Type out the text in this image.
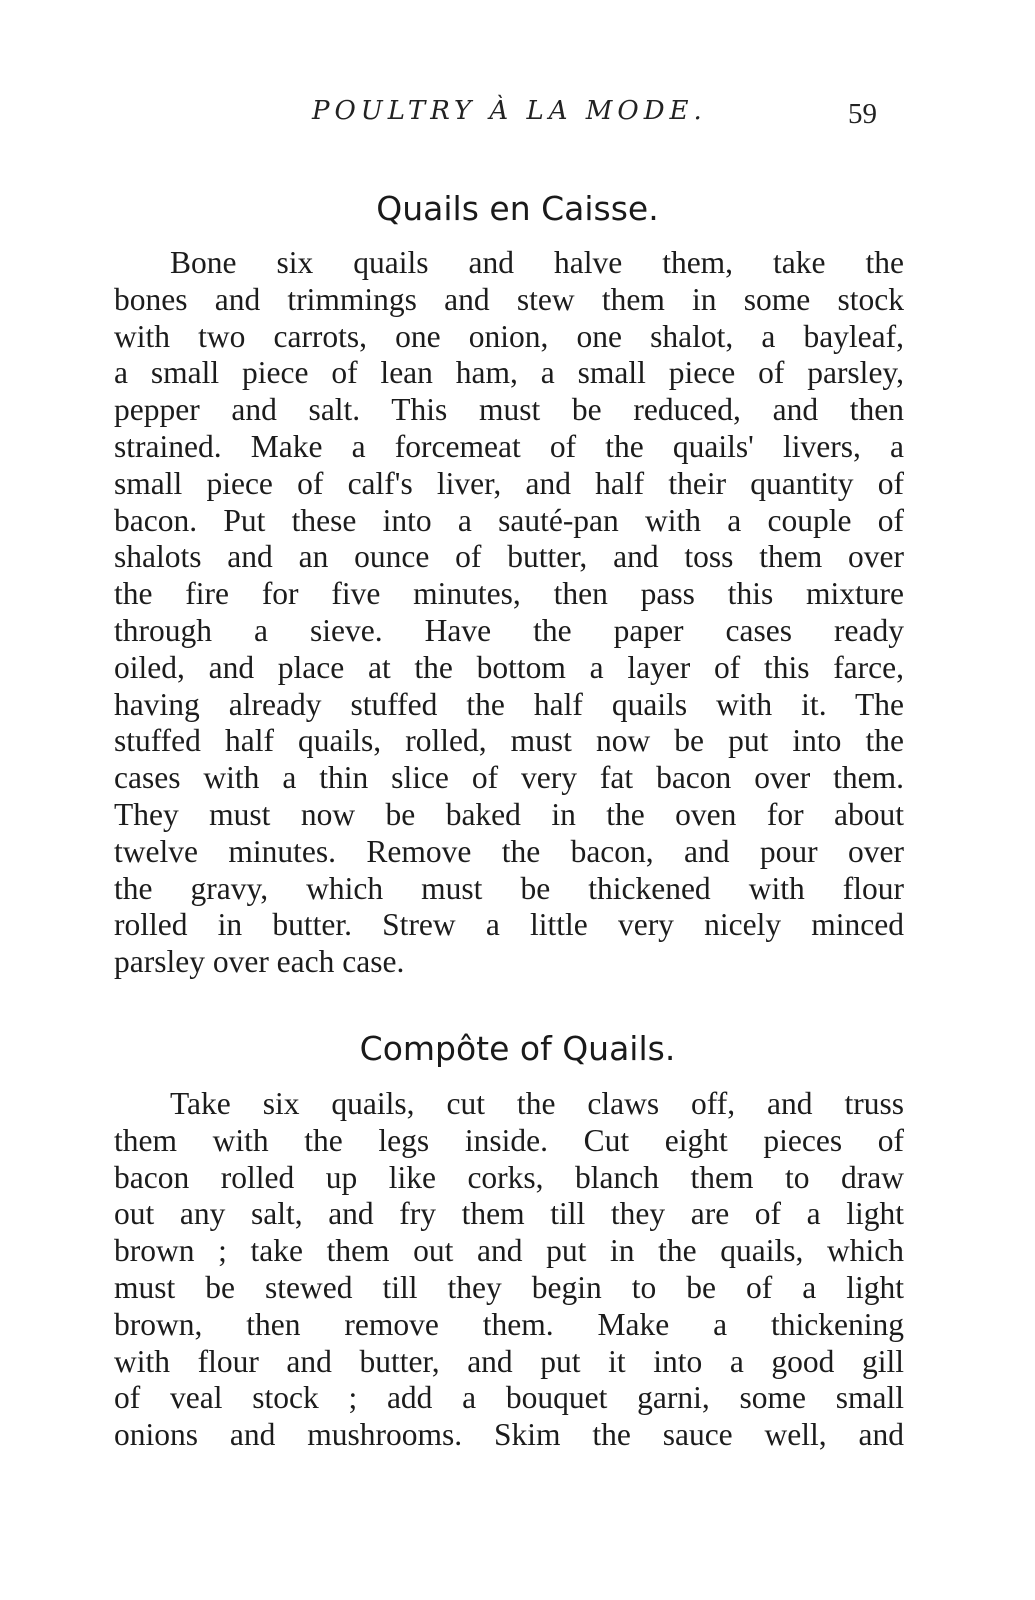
POULTRY À LA MODE.	59
Quails en Caisse.
Bone six quails and halve them, take the
bones and trimmings and stew them in some stock
with two carrots, one onion, one shalot, a bayleaf,
a small piece of lean ham, a small piece of parsley,
pepper and salt. This must be reduced, and then
strained. Make a forcemeat of the quails' livers, a
small piece of calf's liver, and half their quantity of
bacon. Put these into a sauté-pan with a couple of
shalots and an ounce of butter, and toss them over
the fire for five minutes, then pass this mixture
through a sieve. Have the paper cases ready
oiled, and place at the bottom a layer of this farce,
having already stuffed the half quails with it. The
stuffed half quails, rolled, must now be put into the
cases with a thin slice of very fat bacon over them.
They must now be baked in the oven for about
twelve minutes. Remove the bacon, and pour over
the gravy, which must be thickened with flour
rolled in butter. Strew a little very nicely minced
parsley over each case.
Compôte of Quails.
Take six quails, cut the claws off, and truss
them with the legs inside. Cut eight pieces of
bacon rolled up like corks, blanch them to draw
out any salt, and fry them till they are of a light
brown ; take them out and put in the quails, which
must be stewed till they begin to be of a light
brown, then remove them. Make a thickening
with flour and butter, and put it into a good gill
of veal stock ; add a bouquet garni, some small
onions and mushrooms. Skim the sauce well, and
